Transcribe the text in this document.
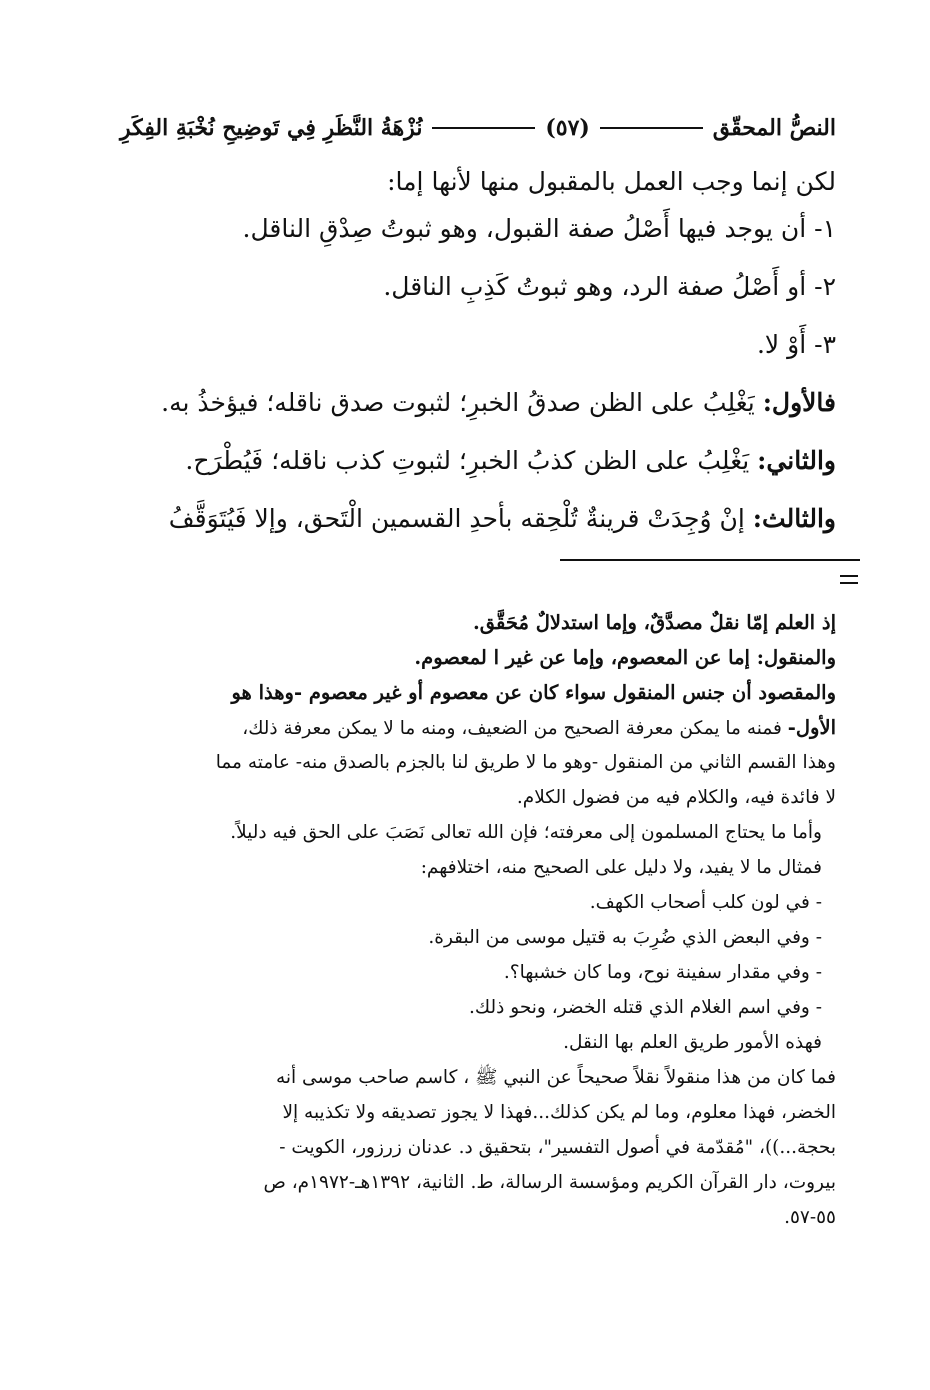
النصُّ المحقّق
(٥٧)
نُزْهَةُ النَّظَرِ فِي تَوضِيحِ نُخْبَةِ الفِكَرِ

لكن إنما وجب العمل بالمقبول منها لأنها إما:

١- أن يوجد فيها أَصْلُ صفة القبول، وهو ثبوتُ صِدْقِ الناقل.

٢- أو أَصْلُ صفة الرد، وهو ثبوتُ كَذِبِ الناقل.

٣- أَوْ لا.

فالأول: يَغْلِبُ على الظن صدقُ الخبرِ؛ لثبوت صدق ناقله؛ فيؤخذُ به.

والثاني: يَغْلِبُ على الظن كذبُ الخبرِ؛ لثبوتِ كذب ناقله؛ فَيُطْرَح.

والثالث: إنْ وُجِدَتْ قرينةٌ تُلْحِقه بأحدِ القسمين الْتَحق، وإلا فَيُتَوَقَّفُ

إذ العلم إمّا نقلٌ مصدَّقٌ، وإما استدلالٌ مُحَقَّق.

والمنقول: إما عن المعصوم، وإما عن غير ا لمعصوم.

والمقصود أن جنس المنقول سواء كان عن معصوم أو غير معصوم -وهذا هو

الأول- فمنه ما يمكن معرفة الصحيح من الضعيف، ومنه ما لا يمكن معرفة ذلك،

وهذا القسم الثاني من المنقول -وهو ما لا طريق لنا بالجزم بالصدق منه- عامته مما

لا فائدة فيه، والكلام فيه من فضول الكلام.

وأما ما يحتاج المسلمون إلى معرفته؛ فإن الله تعالى نَصَبَ على الحق فيه دليلاً.

فمثال ما لا يفيد، ولا دليل على الصحيح منه، اختلافهم:

- في لون كلب أصحاب الكهف.

- وفي البعض الذي ضُرِبَ به قتيل موسى من البقرة.

- وفي مقدار سفينة نوح، وما كان خشبها؟.

- وفي اسم الغلام الذي قتله الخضر، ونحو ذلك.

فهذه الأمور طريق العلم بها النقل.

فما كان من هذا منقولاً نقلاً صحيحاً عن النبي ﷺ ، كاسم صاحب موسى أنه

الخضر، فهذا معلوم، وما لم يكن كذلك...فهذا لا يجوز تصديقه ولا تكذيبه إلا

بحجة...))، "مُقدّمة في أصول التفسير"، بتحقيق د. عدنان زرزور، الكويت -

بيروت، دار القرآن الكريم ومؤسسة الرسالة، ط. الثانية، ١٣٩٢هـ-١٩٧٢م، ص

٥٥-٥٧.
